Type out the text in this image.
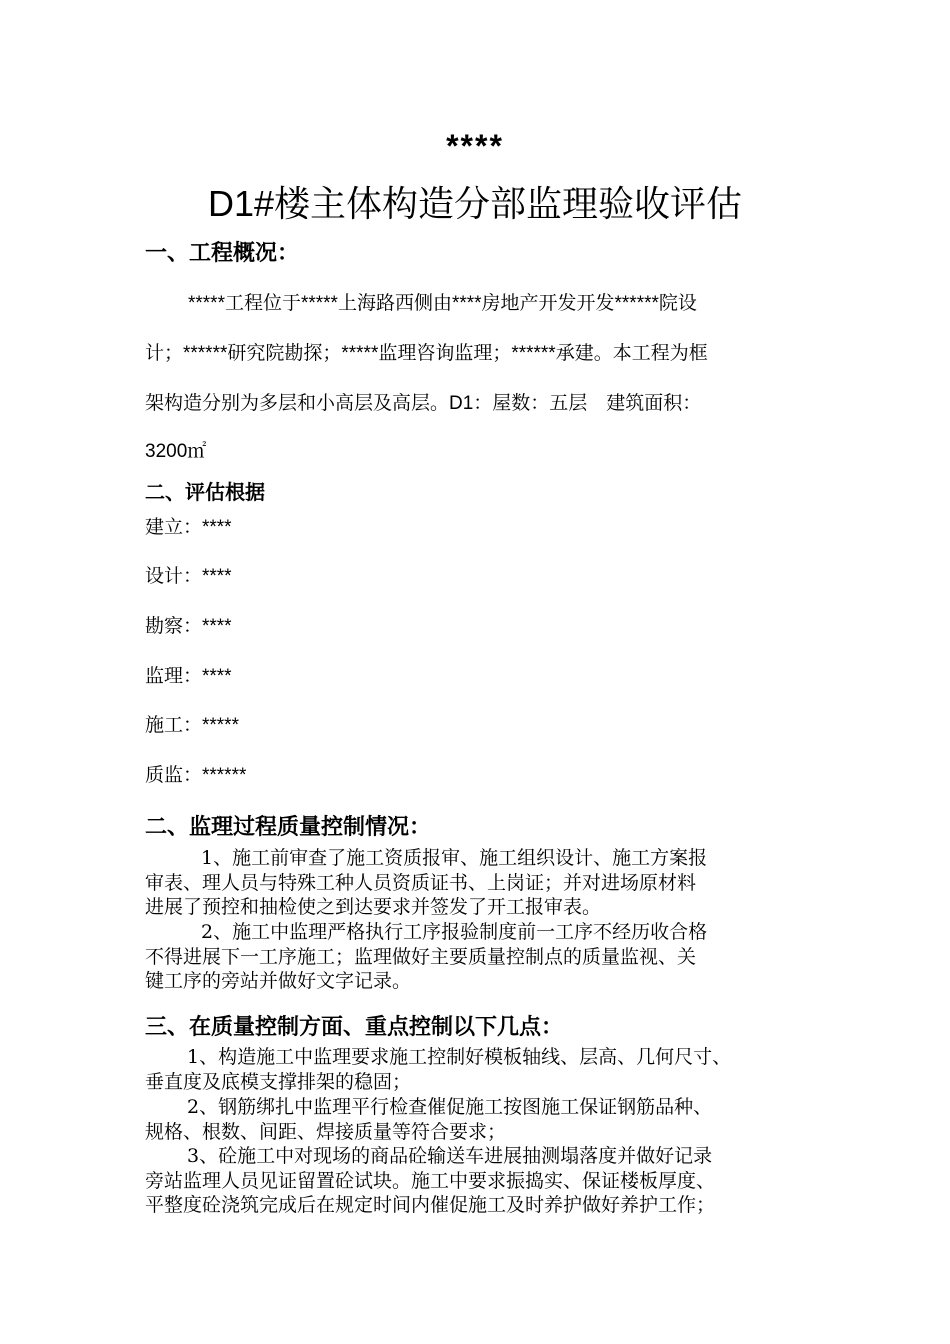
****
D1#楼主体构造分部监理验收评估
一、工程概况：
*****工程位于*****上海路西侧由****房地产开发开发******院设
计；******研究院勘探；*****监理咨询监理；******承建。本工程为框
架构造分别为多层和小高层及高层。D1：屋数：五层　建筑面积：
3200㎡
二、评估根据
建立：****
设计：****
勘察：****
监理：****
施工：*****
质监：******
二、监理过程质量控制情况：
　1、施工前审查了施工资质报审、施工组织设计、施工方案报
审表、理人员与特殊工种人员资质证书、上岗证；并对进场原材料
进展了预控和抽检使之到达要求并签发了开工报审表。
　2、施工中监理严格执行工序报验制度前一工序不经历收合格
不得进展下一工序施工；监理做好主要质量控制点的质量监视、关
键工序的旁站并做好文字记录。
三、在质量控制方面、重点控制以下几点：
1、构造施工中监理要求施工控制好模板轴线、层高、几何尺寸、
垂直度及底模支撑排架的稳固；
2、钢筋绑扎中监理平行检查催促施工按图施工保证钢筋品种、
规格、根数、间距、焊接质量等符合要求；
3、砼施工中对现场的商品砼输送车进展抽测塌落度并做好记录
旁站监理人员见证留置砼试块。施工中要求振捣实、保证楼板厚度、
平整度砼浇筑完成后在规定时间内催促施工及时养护做好养护工作；
